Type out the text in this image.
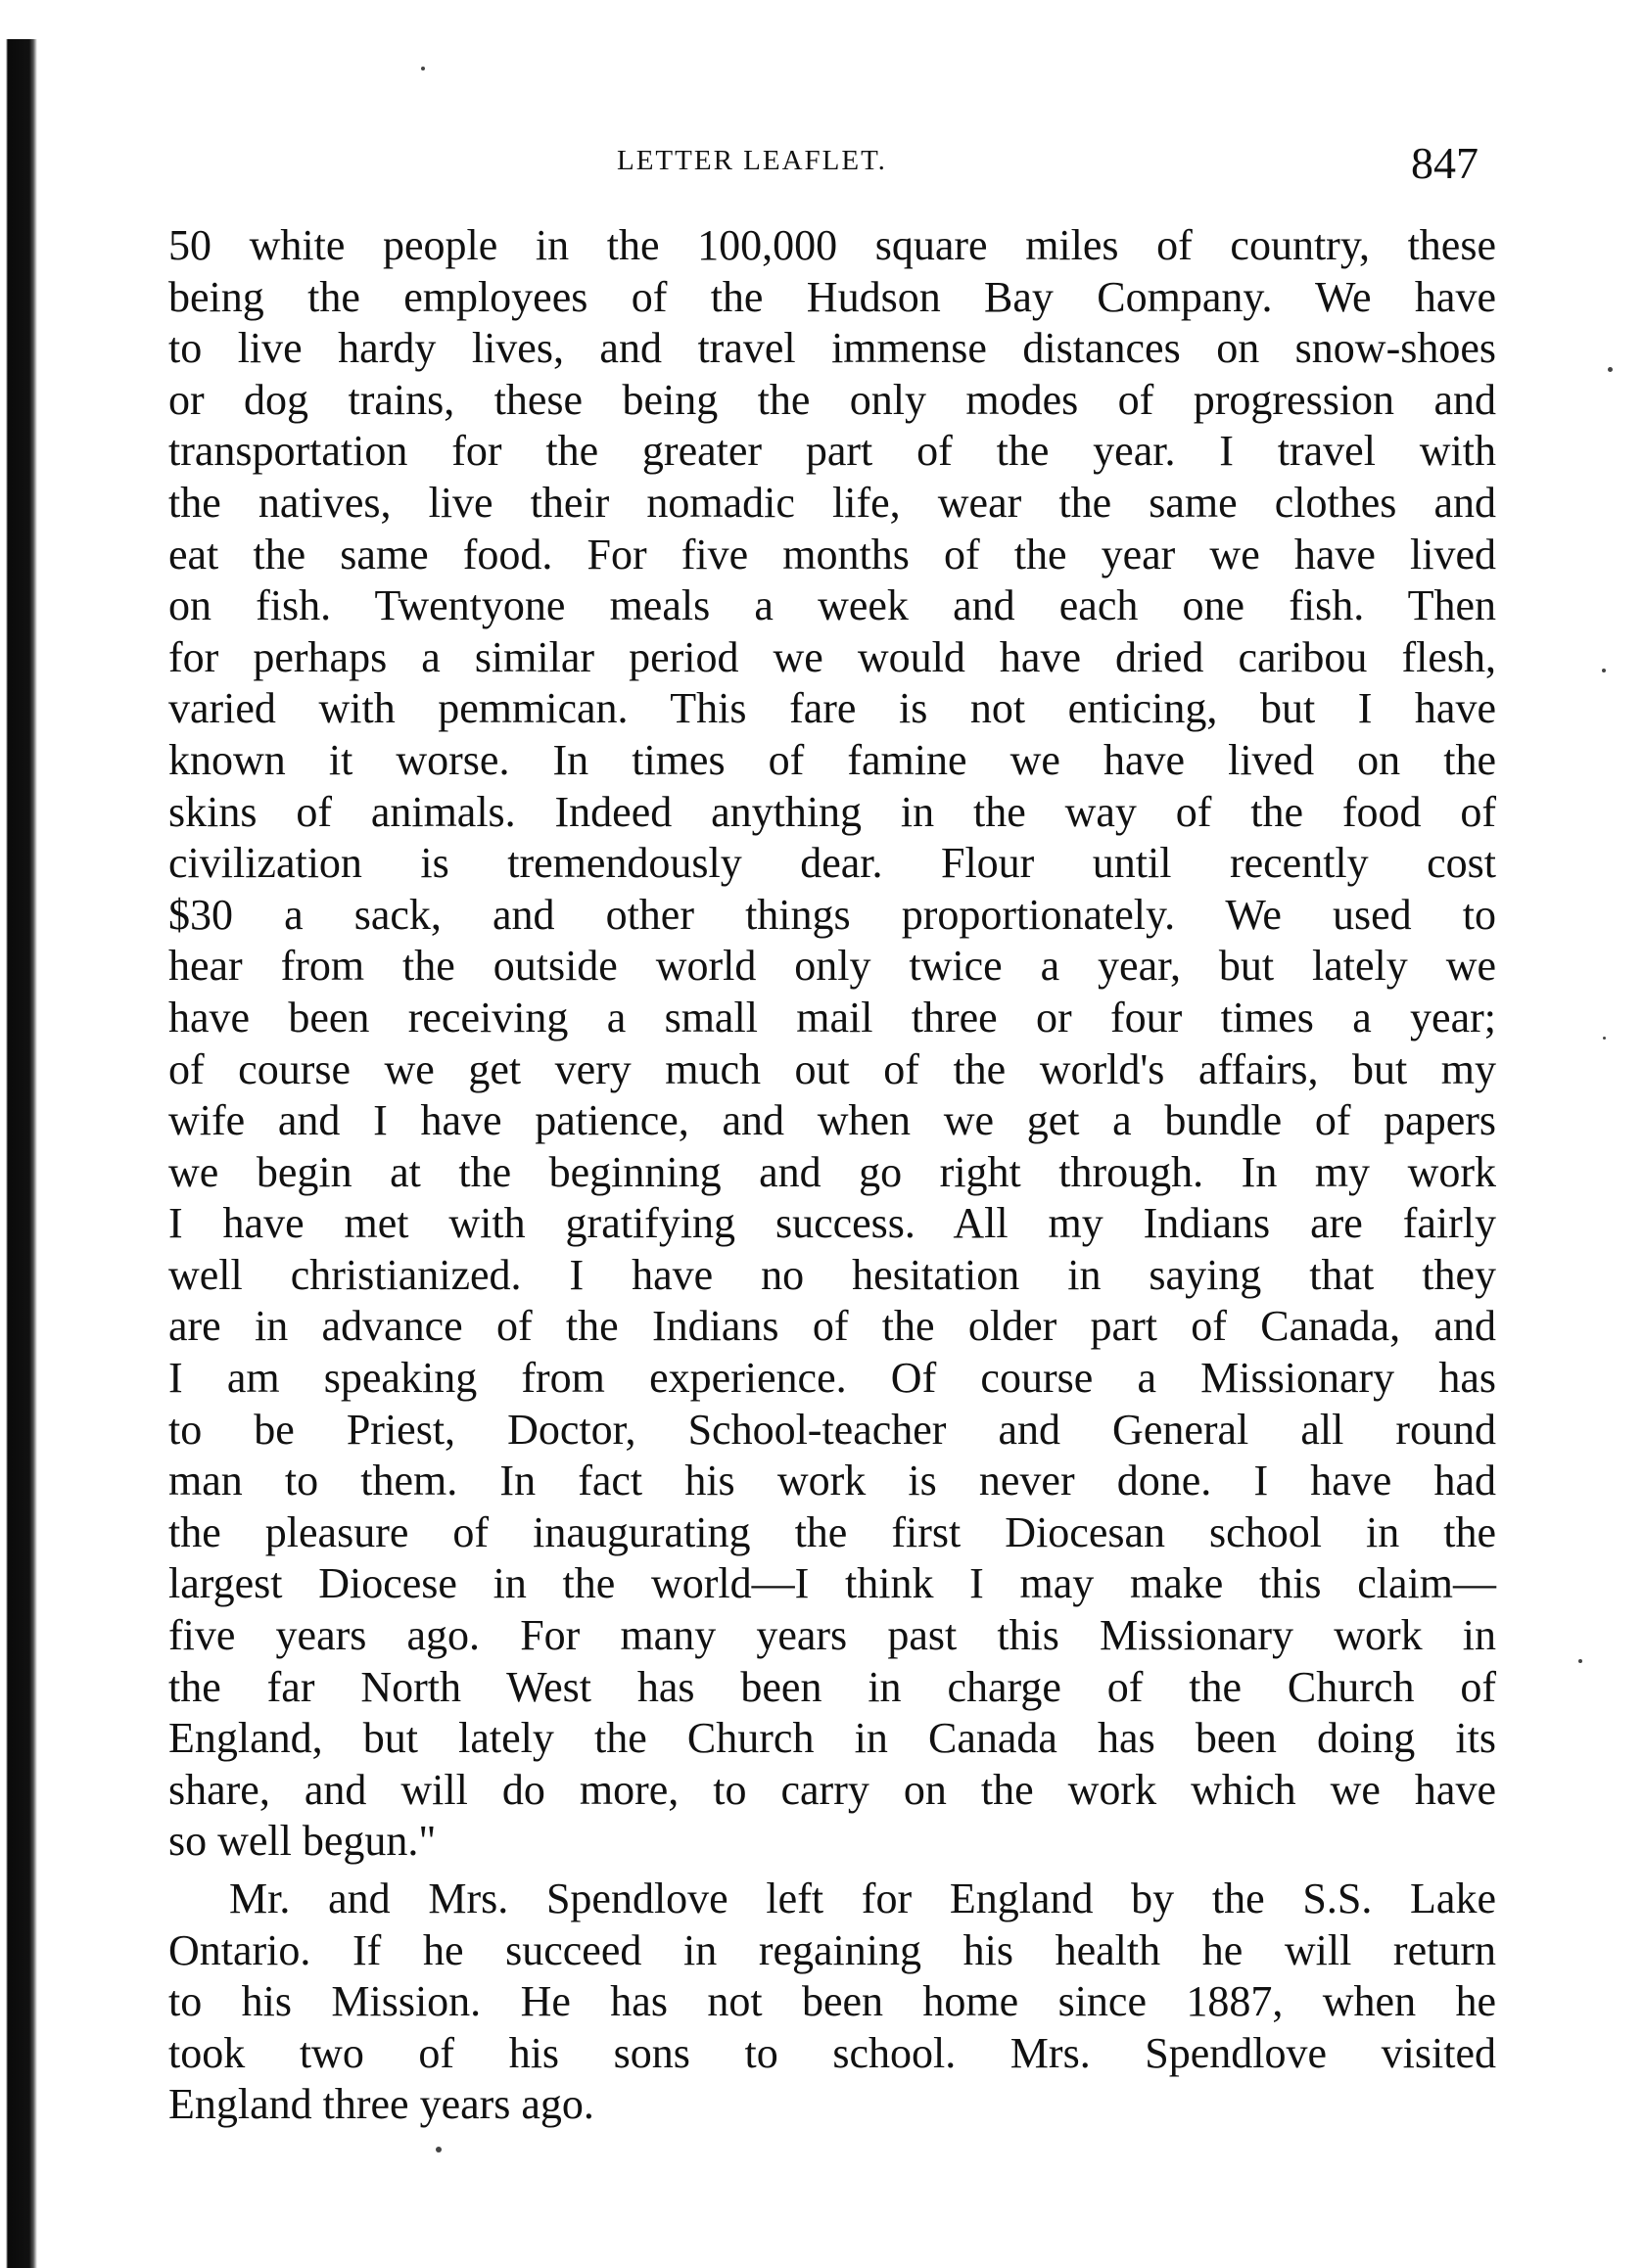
LETTER LEAFLET.	847
50 white people in the 100,000 square miles of country, these
being the employees of the Hudson Bay Company. We have
to live hardy lives, and travel immense distances on snow-shoes
or dog trains, these being the only modes of progression and
transportation for the greater part of the year. I travel with
the natives, live their nomadic life, wear the same clothes and
eat the same food. For five months of the year we have lived
on fish. Twentyone meals a week and each one fish. Then
for perhaps a similar period we would have dried caribou flesh,
varied with pemmican. This fare is not enticing, but I have
known it worse. In times of famine we have lived on the
skins of animals. Indeed anything in the way of the food of
civilization is tremendously dear. Flour until recently cost
$30 a sack, and other things proportionately. We used to
hear from the outside world only twice a year, but lately we
have been receiving a small mail three or four times a year;
of course we get very much out of the world's affairs, but my
wife and I have patience, and when we get a bundle of papers
we begin at the beginning and go right through. In my work
I have met with gratifying success. All my Indians are fairly
well christianized. I have no hesitation in saying that they
are in advance of the Indians of the older part of Canada, and
I am speaking from experience. Of course a Missionary has
to be Priest, Doctor, School-teacher and General all round
man to them. In fact his work is never done. I have had
the pleasure of inaugurating the first Diocesan school in the
largest Diocese in the world—I think I may make this claim—
five years ago. For many years past this Missionary work in
the far North West has been in charge of the Church of
England, but lately the Church in Canada has been doing its
share, and will do more, to carry on the work which we have
so well begun."
Mr. and Mrs. Spendlove left for England by the S.S. Lake
Ontario. If he succeed in regaining his health he will return
to his Mission. He has not been home since 1887, when he
took two of his sons to school. Mrs. Spendlove visited
England three years ago.
